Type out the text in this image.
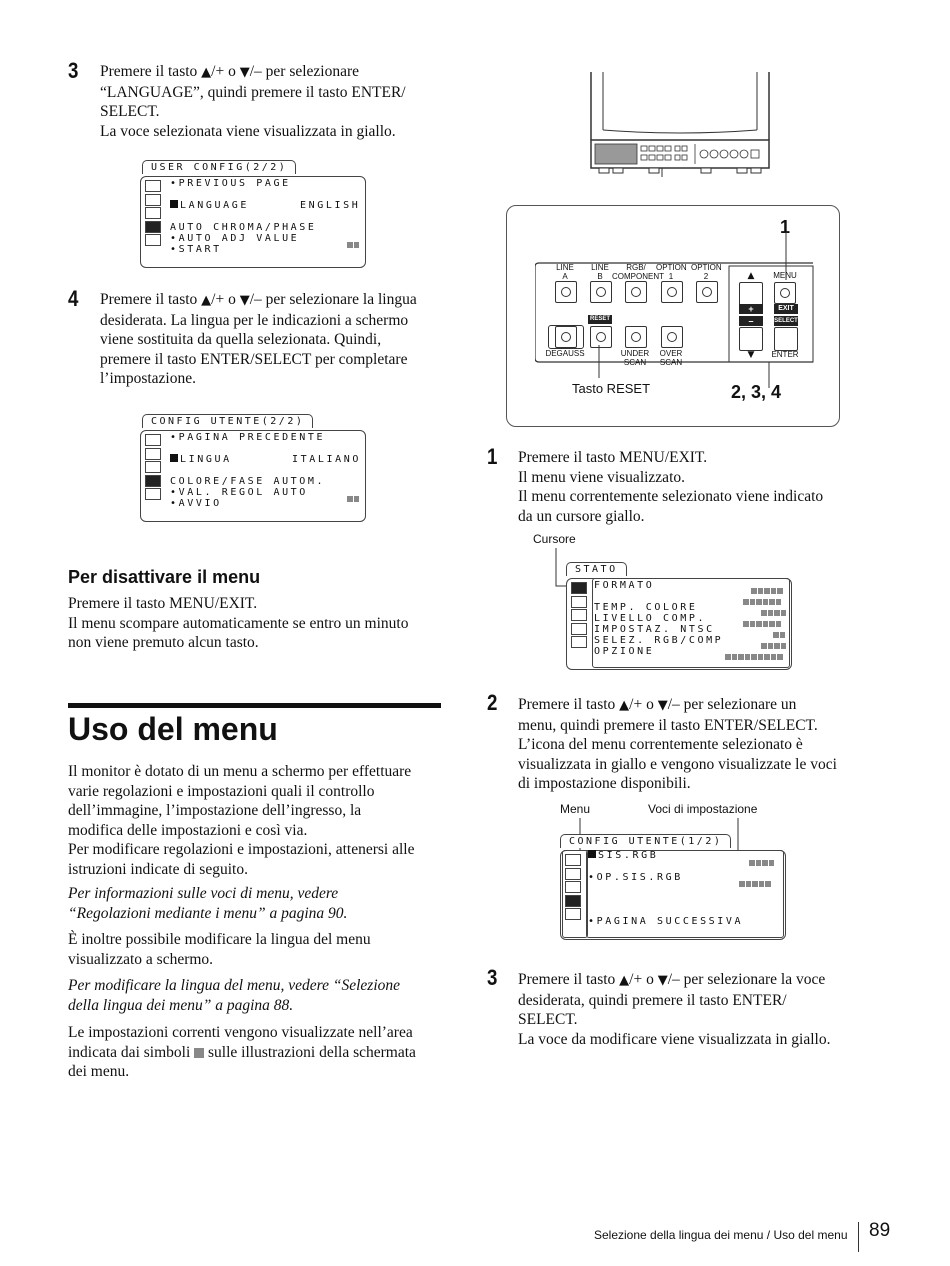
3 Premere il tasto ▲/+ o ▼/– per selezionare
“LANGUAGE”, quindi premere il tasto ENTER/
SELECT.
La voce selezionata viene visualizzata in giallo.
USER CONFIG(2/2)
•PREVIOUS PAGE
LANGUAGE	ENGLISH
AUTO CHROMA/PHASE
•AUTO ADJ VALUE
•START
4 Premere il tasto ▲/+ o ▼/– per selezionare la lingua
desiderata. La lingua per le indicazioni a schermo
viene sostituita da quella selezionata. Quindi,
premere il tasto ENTER/SELECT per completare
l’impostazione.
CONFIG UTENTE(2/2)
•PAGINA PRECEDENTE
LINGUA	ITALIANO
COLORE/FASE AUTOM.
•VAL. REGOL AUTO
•AVVIO
Per disattivare il menu
Premere il tasto MENU/EXIT.
Il menu scompare automaticamente se entro un minuto
non viene premuto alcun tasto.
Uso del menu
Il monitor è dotato di un menu a schermo per effettuare
varie regolazioni e impostazioni quali il controllo
dell’immagine, l’impostazione dell’ingresso, la
modifica delle impostazioni e così via.
Per modificare regolazioni e impostazioni, attenersi alle
istruzioni indicate di seguito.
Per informazioni sulle voci di menu, vedere
“Regolazioni mediante i menu” a pagina 90.
È inoltre possibile modificare la lingua del menu
visualizzato a schermo.
Per modificare la lingua del menu, vedere “Selezione
della lingua dei menu” a pagina 88.
Le impostazioni correnti vengono visualizzate nell’area
indicata dai simboli  sulle illustrazioni della schermata
dei menu.
1
LINE
A
LINE
B
RGB/
COMPONENT
OPTION
1
OPTION
2	▲
+
–
▼
MENU
EXIT
SELECT
ENTER
DEGAUSS
RESET
UNDER
SCAN
OVER
SCAN
Tasto RESET	2, 3, 4
1 Premere il tasto MENU/EXIT.
Il menu viene visualizzato.
Il menu correntemente selezionato viene indicato
da un cursore giallo.
Cursore
STATO
FORMATO
TEMP. COLORE
LIVELLO COMP.
IMPOSTAZ. NTSC
SELEZ. RGB/COMP
OPZIONE
2 Premere il tasto ▲/+ o ▼/– per selezionare un
menu, quindi premere il tasto ENTER/SELECT.
L’icona del menu correntemente selezionato è
visualizzata in giallo e vengono visualizzate le voci
di impostazione disponibili.
Menu	Voci di impostazione
CONFIG UTENTE(1/2)
SIS.RGB
•OP.SIS.RGB
•PAGINA SUCCESSIVA
3 Premere il tasto ▲/+ o ▼/– per selezionare la voce
desiderata, quindi premere il tasto ENTER/
SELECT.
La voce da modificare viene visualizzata in giallo.
Selezione della lingua dei menu / Uso del menu 89
